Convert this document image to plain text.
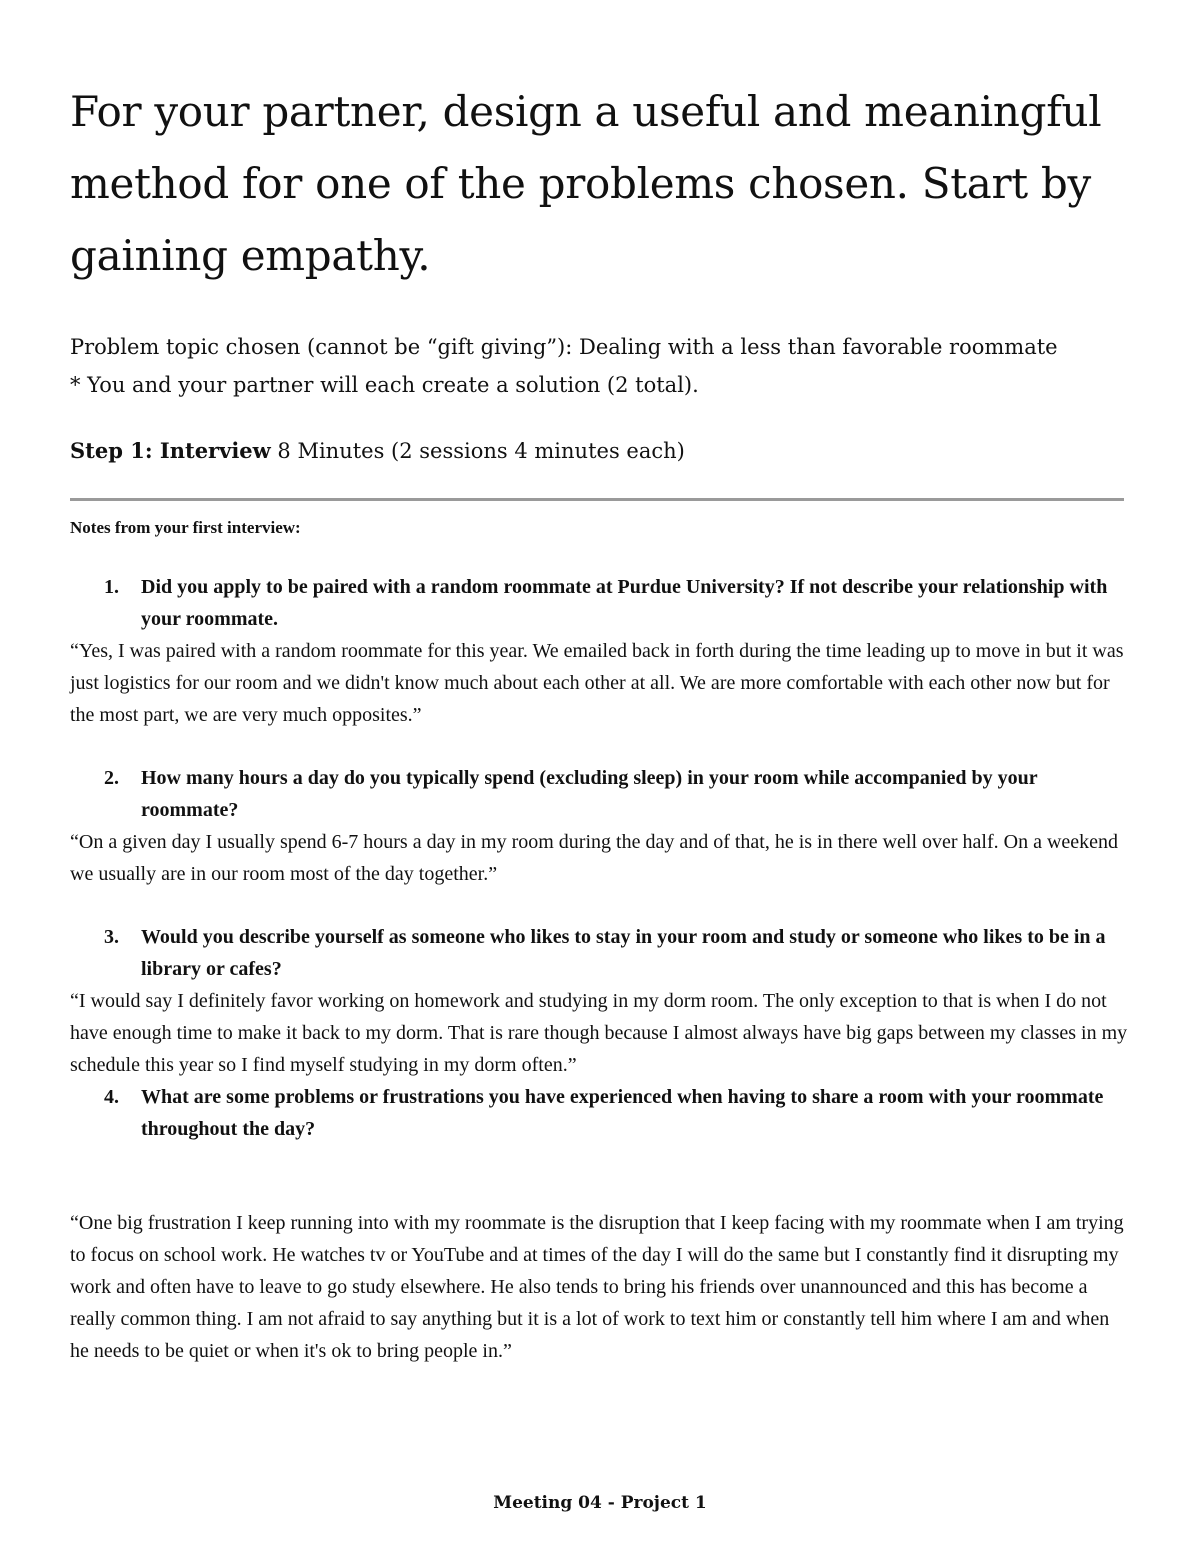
For your partner, design a useful and meaningful method for one of the problems chosen. Start by gaining empathy.

Problem topic chosen (cannot be “gift giving”): Dealing with a less than favorable roommate

* You and your partner will each create a solution (2 total).

Step 1: Interview 8 Minutes (2 sessions 4 minutes each)

Notes from your first interview:

1. Did you apply to be paired with a random roommate at Purdue University? If not describe your relationship with your roommate.

“Yes, I was paired with a random roommate for this year. We emailed back in forth during the time leading up to move in but it was just logistics for our room and we didn't know much about each other at all. We are more comfortable with each other now but for the most part, we are very much opposites.”

2. How many hours a day do you typically spend (excluding sleep) in your room while accompanied by your roommate?

“On a given day I usually spend 6-7 hours a day in my room during the day and of that, he is in there well over half. On a weekend we usually are in our room most of the day together.”

3. Would you describe yourself as someone who likes to stay in your room and study or someone who likes to be in a library or cafes?

“I would say I definitely favor working on homework and studying in my dorm room. The only exception to that is when I do not have enough time to make it back to my dorm. That is rare though because I almost always have big gaps between my classes in my schedule this year so I find myself studying in my dorm often.”

4. What are some problems or frustrations you have experienced when having to share a room with your roommate throughout the day?

“One big frustration I keep running into with my roommate is the disruption that I keep facing with my roommate when I am trying to focus on school work. He watches tv or YouTube and at times of the day I will do the same but I constantly find it disrupting my work and often have to leave to go study elsewhere. He also tends to bring his friends over unannounced and this has become a really common thing. I am not afraid to say anything but it is a lot of work to text him or constantly tell him where I am and when he needs to be quiet or when it's ok to bring people in.”

Meeting 04 - Project 1
